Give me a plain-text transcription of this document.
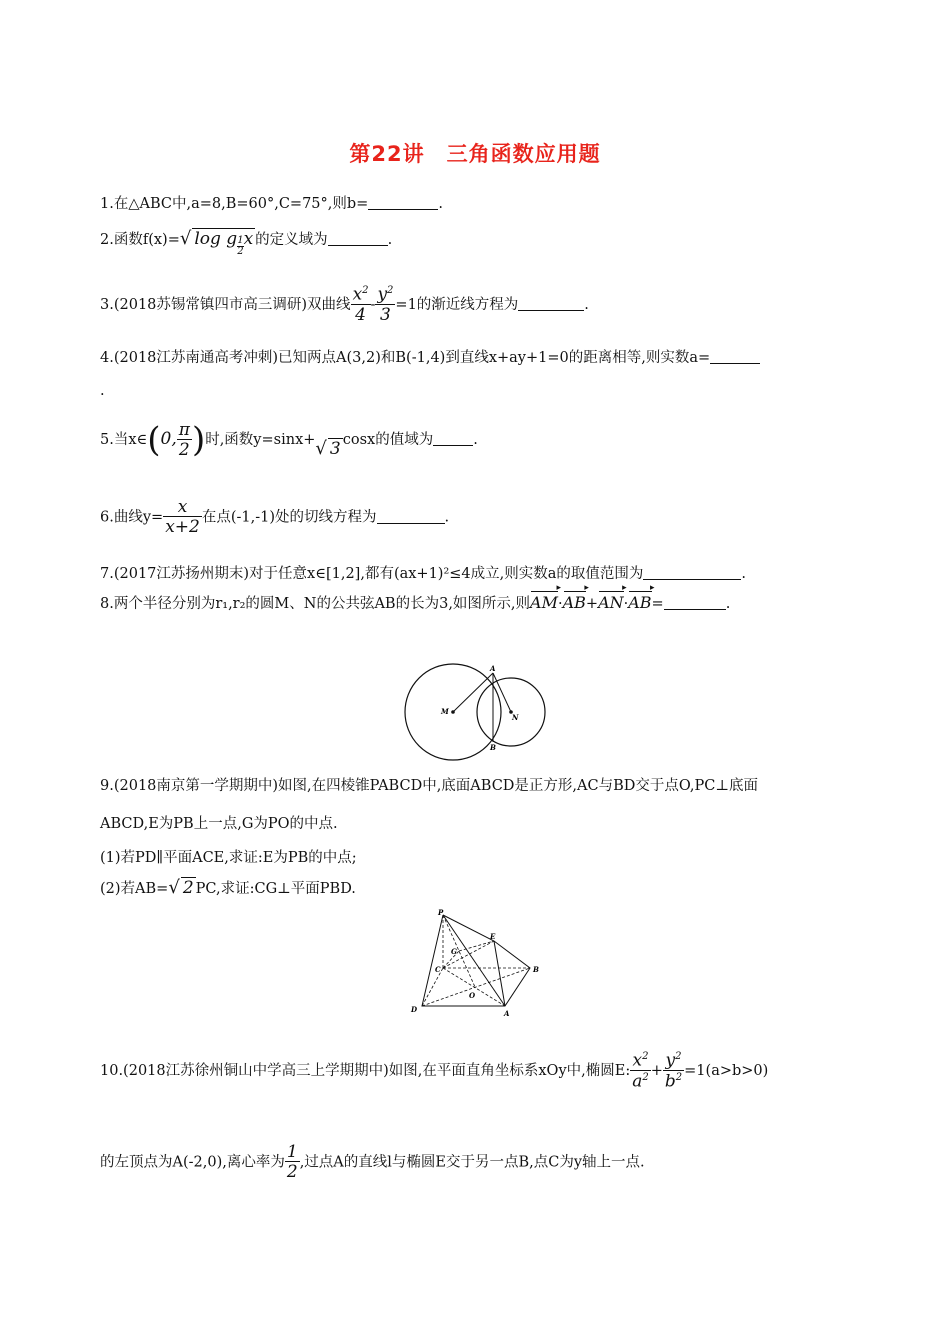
第22讲　三角函数应用题
1.在△ABC中,a=8,B=60°,C=75°,则b=	.
2.函数f(x)=√ log g $\frac{1}{2}$ x 的定义域为	.
3.(2018苏锡常镇四市高三调研)双曲线 $\frac{x^2}{4} - \frac{y^2}{3} =1$的渐近线方程为	.
4.(2018江苏南通高考冲刺)已知两点A(3,2)和B(-1,4)到直线x+ay+1=0的距离相等,则实数a=
.
5.当x∈(0, $\frac{\pi}{2}$ )时,函数y=sinx+√ 3 cosx的值域为	.
6.曲线$y= \frac{x}{x+2}$ 在点(-1,-1)处的切线方程为	.
7.(2017江苏扬州期末)对于任意x∈[1,2],都有(ax+1)²≤4成立,则实数a的取值范围为	.
8.两个半径分别为r₁,r₂的圆M、N的公共弦AB的长为3,如图所示,则AM ▸·AB ▸+AN ▸·AB ▸=	.
M
N
A
B
9.(2018南京第一学期期中)如图,在四棱锥PABCD中,底面ABCD是正方形,AC与BD交于点O,PC⊥底面
ABCD,E为PB上一点,G为PO的中点.
(1)若PD∥平面ACE,求证:E为PB的中点;
(2)若AB=√ 2 PC,求证:CG⊥平面PBD.
P
E
G
C	B
O
D	A
10.(2018江苏徐州铜山中学高三上学期期中)如图,在平面直角坐标系xOy中,椭圆E: $\frac{x^2}{a^2} + \frac{y^2}{b^2} =1(a>b>0)$
的左顶点为A(-2,0),离心率为 $\frac{1}{2}$ ,过点A的直线l与椭圆E交于另一点B,点C为y轴上一点.
